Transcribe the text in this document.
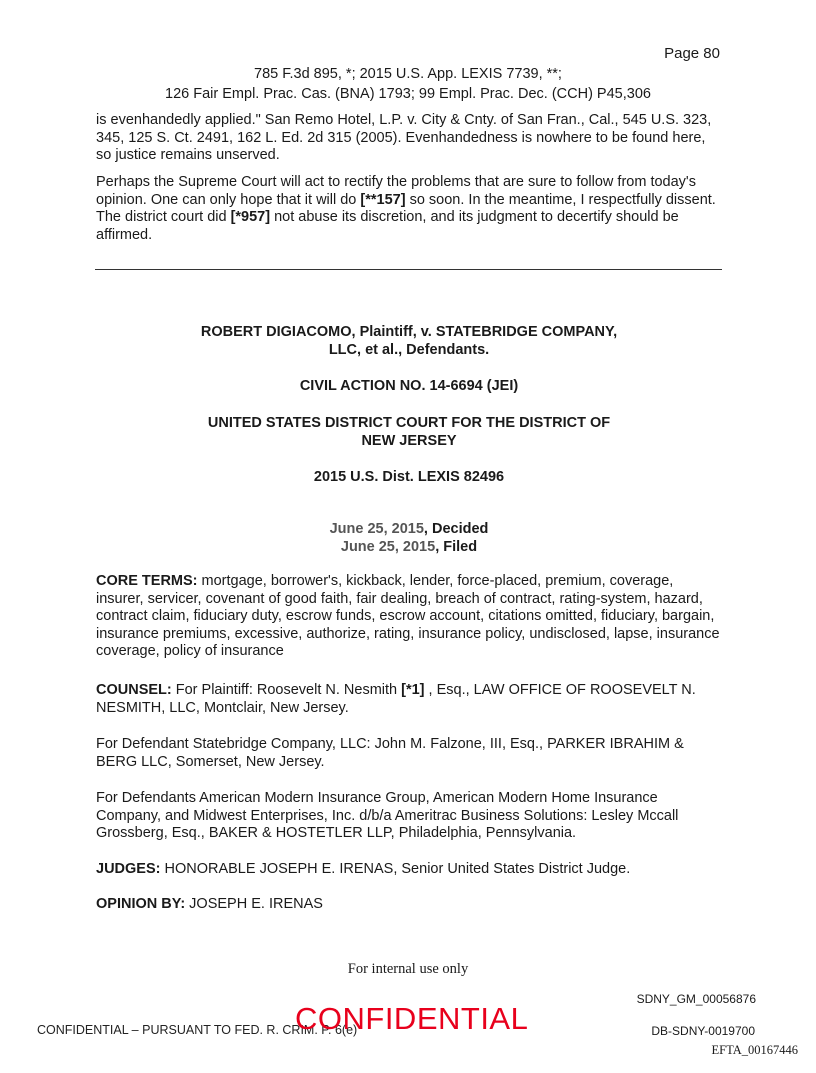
Page 80
785 F.3d 895, *; 2015 U.S. App. LEXIS 7739, **;
126 Fair Empl. Prac. Cas. (BNA) 1793; 99 Empl. Prac. Dec. (CCH) P45,306
is evenhandedly applied." San Remo Hotel, L.P. v. City & Cnty. of San Fran., Cal., 545 U.S. 323, 345, 125 S. Ct. 2491, 162 L. Ed. 2d 315 (2005). Evenhandedness is nowhere to be found here, so justice remains unserved.
Perhaps the Supreme Court will act to rectify the problems that are sure to follow from today's opinion. One can only hope that it will do [**157] so soon. In the meantime, I respectfully dissent. The district court did [*957] not abuse its discretion, and its judgment to decertify should be affirmed.
ROBERT DIGIACOMO, Plaintiff, v. STATEBRIDGE COMPANY,
LLC, et al., Defendants.
CIVIL ACTION NO. 14-6694 (JEI)
UNITED STATES DISTRICT COURT FOR THE DISTRICT OF
NEW JERSEY
2015 U.S. Dist. LEXIS 82496
June 25, 2015, Decided
June 25, 2015, Filed
CORE TERMS: mortgage, borrower's, kickback, lender, force-placed, premium, coverage, insurer, servicer, covenant of good faith, fair dealing, breach of contract, rating-system, hazard, contract claim, fiduciary duty, escrow funds, escrow account, citations omitted, fiduciary, bargain, insurance premiums, excessive, authorize, rating, insurance policy, undisclosed, lapse, insurance coverage, policy of insurance
COUNSEL: For Plaintiff: Roosevelt N. Nesmith [*1] , Esq., LAW OFFICE OF ROOSEVELT N. NESMITH, LLC, Montclair, New Jersey.
For Defendant Statebridge Company, LLC: John M. Falzone, III, Esq., PARKER IBRAHIM & BERG LLC, Somerset, New Jersey.
For Defendants American Modern Insurance Group, American Modern Home Insurance Company, and Midwest Enterprises, Inc. d/b/a Ameritrac Business Solutions: Lesley Mccall Grossberg, Esq., BAKER & HOSTETLER LLP, Philadelphia, Pennsylvania.
JUDGES: HONORABLE JOSEPH E. IRENAS, Senior United States District Judge.
OPINION BY: JOSEPH E. IRENAS
For internal use only
SDNY_GM_00056876
CONFIDENTIAL – PURSUANT TO FED. R. CRIM. P. 6(e)
CONFIDENTIAL	DB-SDNY-0019700
EFTA_00167446
